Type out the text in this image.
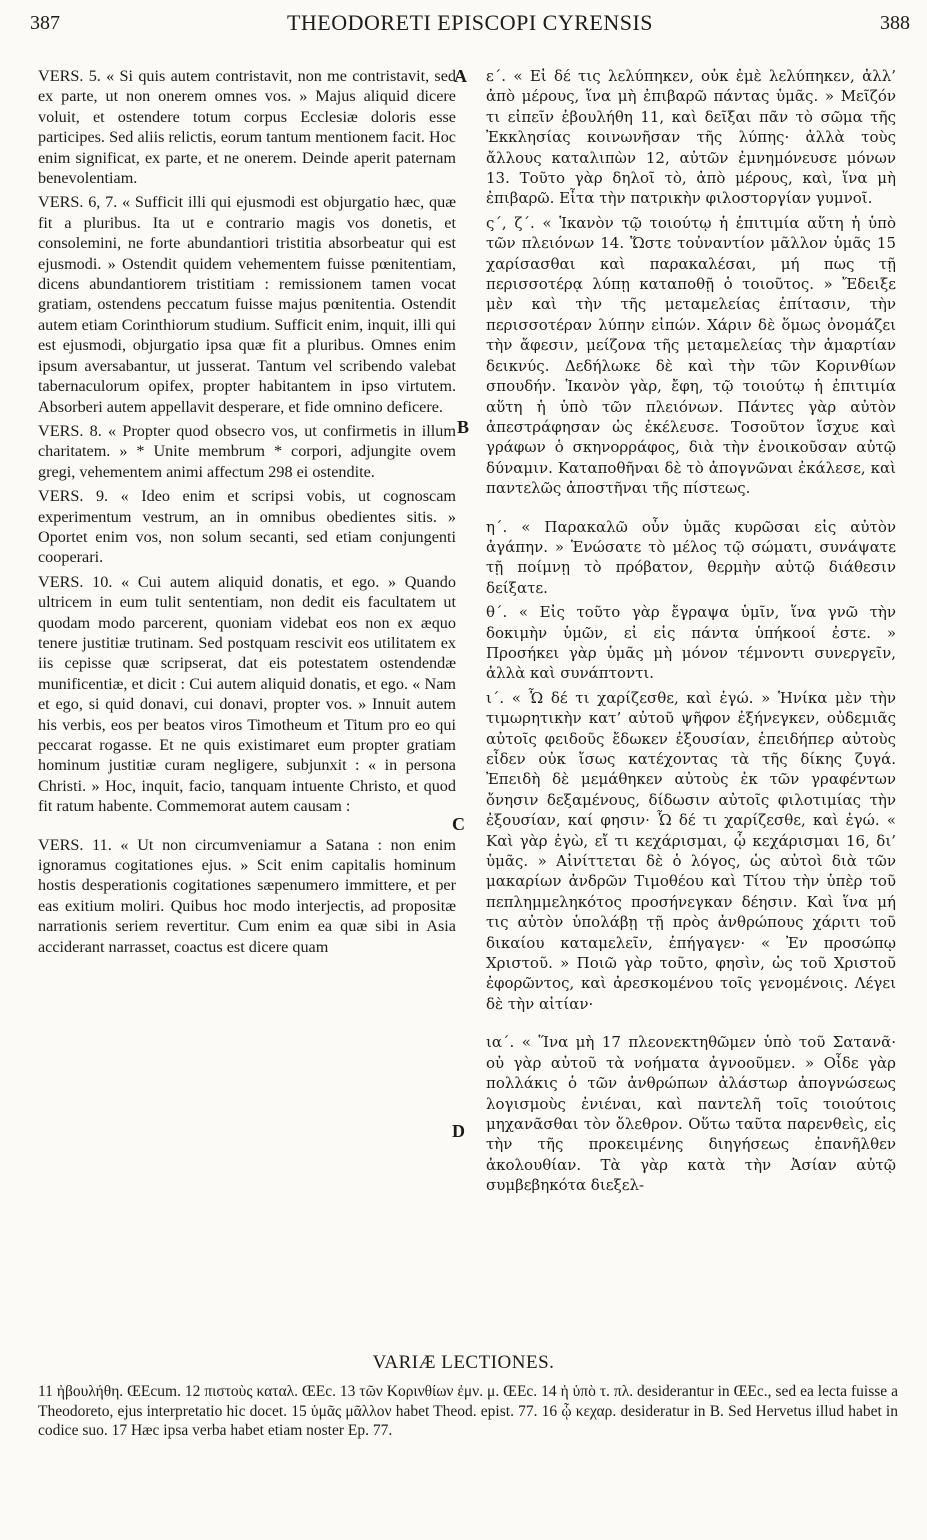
387	THEODORETI EPISCOPI CYRENSIS	388

VERS. 5. « Si quis autem contristavit, non me contristavit, sed ex parte, ut non onerem omnes vos. » Majus aliquid dicere voluit, et ostendere totum corpus Ecclesiæ doloris esse participes. Sed aliis relictis, eorum tantum mentionem facit. Hoc enim significat, ex parte, et ne onerem. Deinde aperit paternam benevolentiam.

VERS. 6, 7. « Sufficit illi qui ejusmodi est objurgatio hæc, quæ fit a pluribus. Ita ut e contrario magis vos donetis, et consolemini, ne forte abundantiori tristitia absorbeatur qui est ejusmodi. » Ostendit quidem vehementem fuisse pœnitentiam, dicens abundantiorem tristitiam : remissionem tamen vocat gratiam, ostendens peccatum fuisse majus pœnitentia. Ostendit autem etiam Corinthiorum studium. Sufficit enim, inquit, illi qui est ejusmodi, objurgatio ipsa quæ fit a pluribus. Omnes enim ipsum aversabantur, ut jusserat. Tantum vel scribendo valebat tabernaculorum opifex, propter habitantem in ipso virtutem. Absorberi autem appellavit desperare, et fide omnino deficere.

VERS. 8. « Propter quod obsecro vos, ut confirmetis in illum charitatem. » * Unite membrum * corpori, adjungite ovem gregi, vehementem animi affectum 298 ei ostendite.

VERS. 9. « Ideo enim et scripsi vobis, ut cognoscam experimentum vestrum, an in omnibus obedientes sitis. » Oportet enim vos, non solum secanti, sed etiam conjungenti cooperari.

VERS. 10. « Cui autem aliquid donatis, et ego. » Quando ultricem in eum tulit sententiam, non dedit eis facultatem ut quodam modo parcerent, quoniam videbat eos non ex æquo tenere justitiæ trutinam. Sed postquam rescivit eos utilitatem ex iis cepisse quæ scripserat, dat eis potestatem ostendendæ munificentiæ, et dicit : Cui autem aliquid donatis, et ego. « Nam et ego, si quid donavi, cui donavi, propter vos. » Innuit autem his verbis, eos per beatos viros Timotheum et Titum pro eo qui peccarat rogasse. Et ne quis existimaret eum propter gratiam hominum justitiæ curam negligere, subjunxit : « in persona Christi. » Hoc, inquit, facio, tanquam intuente Christo, et quod fit ratum habente. Commemorat autem causam :

VERS. 11. « Ut non circumveniamur a Satana : non enim ignoramus cogitationes ejus. » Scit enim capitalis hominum hostis desperationis cogitationes sæpenumero immittere, et per eas exitium moliri. Quibus hoc modo interjectis, ad propositæ narrationis seriem revertitur. Cum enim ea quæ sibi in Asia acciderant narrasset, coactus est dicere quam

A
B
C
D

ε΄. « Εἰ δέ τις λελύπηκεν, οὐκ ἐμὲ λελύπηκεν, ἀλλ’ ἀπὸ μέρους, ἵνα μὴ ἐπιβαρῶ πάντας ὑμᾶς. » Μεῖζόν τι εἰπεῖν ἐβουλήθη 11, καὶ δεῖξαι πᾶν τὸ σῶμα τῆς Ἐκκλησίας κοινωνῆσαν τῆς λύπης· ἀλλὰ τοὺς ἄλλους καταλιπὼν 12, αὐτῶν ἐμνημόνευσε μόνων 13. Τοῦτο γὰρ δηλοῖ τὸ, ἀπὸ μέρους, καὶ, ἵνα μὴ ἐπιβαρῶ. Εἶτα τὴν πατρικὴν φιλοστοργίαν γυμνοῖ.

ς΄, ζ΄. « Ἱκανὸν τῷ τοιούτῳ ἡ ἐπιτιμία αὕτη ἡ ὑπὸ τῶν πλειόνων 14. Ὥστε τοὐναντίον μᾶλλον ὑμᾶς 15 χαρίσασθαι καὶ παρακαλέσαι, μή πως τῇ περισσοτέρᾳ λύπῃ καταποθῇ ὁ τοιοῦτος. » Ἔδειξε μὲν καὶ τὴν τῆς μεταμελείας ἐπίτασιν, τὴν περισσοτέραν λύπην εἰπών. Χάριν δὲ ὅμως ὀνομάζει τὴν ἄφεσιν, μείζονα τῆς μεταμελείας τὴν ἁμαρτίαν δεικνύς. Δεδήλωκε δὲ καὶ τὴν τῶν Κορινθίων σπουδήν. Ἱκανὸν γὰρ, ἔφη, τῷ τοιούτῳ ἡ ἐπιτιμία αὕτη ἡ ὑπὸ τῶν πλειόνων. Πάντες γὰρ αὐτὸν ἀπεστράφησαν ὡς ἐκέλευσε. Τοσοῦτον ἴσχυε καὶ γράφων ὁ σκηνορράφος, διὰ τὴν ἐνοικοῦσαν αὐτῷ δύναμιν. Καταποθῆναι δὲ τὸ ἀπογνῶναι ἐκάλεσε, καὶ παντελῶς ἀποστῆναι τῆς πίστεως.

η΄. « Παρακαλῶ οὖν ὑμᾶς κυρῶσαι εἰς αὐτὸν ἀγάπην. » Ἑνώσατε τὸ μέλος τῷ σώματι, συνάψατε τῇ ποίμνῃ τὸ πρόβατον, θερμὴν αὐτῷ διάθεσιν δείξατε.

θ΄. « Εἰς τοῦτο γὰρ ἔγραψα ὑμῖν, ἵνα γνῶ τὴν δοκιμὴν ὑμῶν, εἰ εἰς πάντα ὑπήκοοί ἐστε. » Προσήκει γὰρ ὑμᾶς μὴ μόνον τέμνοντι συνεργεῖν, ἀλλὰ καὶ συνάπτοντι.

ι΄. « Ὧ δέ τι χαρίζεσθε, καὶ ἐγώ. » Ἡνίκα μὲν τὴν τιμωρητικὴν κατ’ αὐτοῦ ψῆφον ἐξήνεγκεν, οὐδεμιᾶς αὐτοῖς φειδοῦς ἔδωκεν ἐξουσίαν, ἐπειδήπερ αὐτοὺς εἶδεν οὐκ ἴσως κατέχοντας τὰ τῆς δίκης ζυγά. Ἐπειδὴ δὲ μεμάθηκεν αὐτοὺς ἐκ τῶν γραφέντων ὄνησιν δεξαμένους, δίδωσιν αὐτοῖς φιλοτιμίας τὴν ἐξουσίαν, καί φησιν· Ὧ δέ τι χαρίζεσθε, καὶ ἐγώ. « Καὶ γὰρ ἐγὼ, εἴ τι κεχάρισμαι, ᾧ κεχάρισμαι 16, δι’ ὑμᾶς. » Αἰνίττεται δὲ ὁ λόγος, ὡς αὐτοὶ διὰ τῶν μακαρίων ἀνδρῶν Τιμοθέου καὶ Τίτου τὴν ὑπὲρ τοῦ πεπλημμεληκότος προσήνεγκαν δέησιν. Καὶ ἵνα μή τις αὐτὸν ὑπολάβῃ τῇ πρὸς ἀνθρώπους χάριτι τοῦ δικαίου καταμελεῖν, ἐπήγαγεν· « Ἐν προσώπῳ Χριστοῦ. » Ποιῶ γὰρ τοῦτο, φησὶν, ὡς τοῦ Χριστοῦ ἐφορῶντος, καὶ ἀρεσκομένου τοῖς γενομένοις. Λέγει δὲ τὴν αἰτίαν·

ια΄. « Ἵνα μὴ 17 πλεονεκτηθῶμεν ὑπὸ τοῦ Σατανᾶ· οὐ γὰρ αὐτοῦ τὰ νοήματα ἀγνοοῦμεν. » Οἶδε γὰρ πολλάκις ὁ τῶν ἀνθρώπων ἀλάστωρ ἀπογνώσεως λογισμοὺς ἐνιέναι, καὶ παντελῆ τοῖς τοιούτοις μηχανᾶσθαι τὸν ὄλεθρον. Οὕτω ταῦτα παρενθεὶς, εἰς τὴν τῆς προκειμένης διηγήσεως ἐπανῆλθεν ἀκολουθίαν. Τὰ γὰρ κατὰ τὴν Ἀσίαν αὐτῷ συμβεβηκότα διεξελ-

VARIÆ LECTIONES.
11 ἠβουλήθη. ŒEcum. 12 πιστοὺς καταλ. ŒEc. 13 τῶν Κορινθίων ἐμν. μ. ŒEc. 14 ἡ ὑπὸ τ. πλ. desiderantur in ŒEc., sed ea lecta fuisse a Theodoreto, ejus interpretatio hic docet. 15 ὑμᾶς μᾶλλον habet Theod. epist. 77. 16 ᾧ κεχαρ. desideratur in B. Sed Hervetus illud habet in codice suo. 17 Hæc ipsa verba habet etiam noster Ep. 77.
